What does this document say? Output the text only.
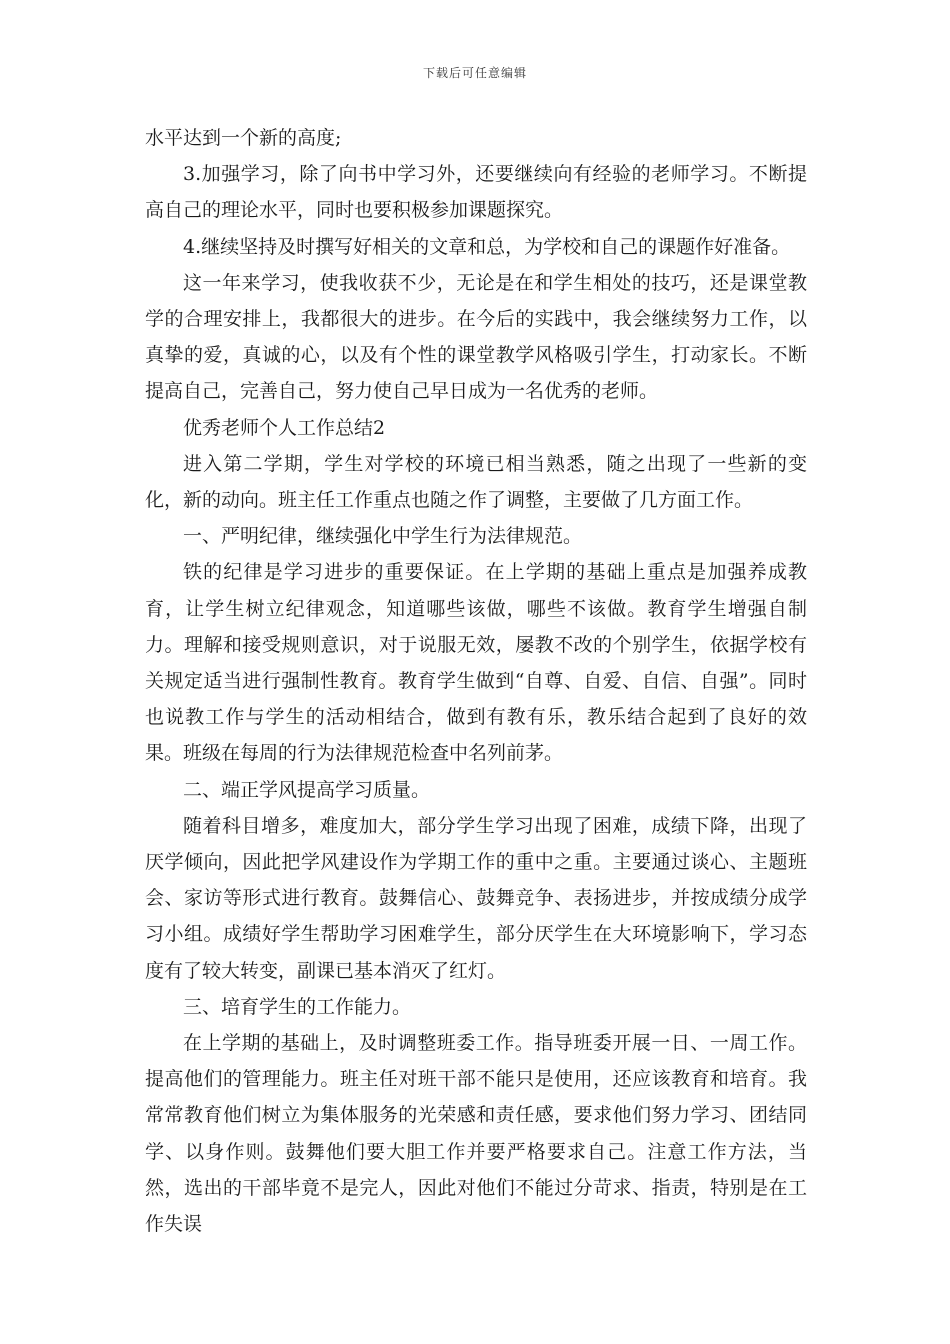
下载后可任意编辑

水平达到一个新的高度;

3.加强学习，除了向书中学习外，还要继续向有经验的老师学习。不断提高自己的理论水平，同时也要积极参加课题探究。

4.继续坚持及时撰写好相关的文章和总，为学校和自己的课题作好准备。

这一年来学习，使我收获不少，无论是在和学生相处的技巧，还是课堂教学的合理安排上，我都很大的进步。在今后的实践中，我会继续努力工作，以真挚的爱，真诚的心，以及有个性的课堂教学风格吸引学生，打动家长。不断提高自己，完善自己，努力使自己早日成为一名优秀的老师。

优秀老师个人工作总结2

进入第二学期，学生对学校的环境已相当熟悉，随之出现了一些新的变化，新的动向。班主任工作重点也随之作了调整，主要做了几方面工作。

一、严明纪律，继续强化中学生行为法律规范。

铁的纪律是学习进步的重要保证。在上学期的基础上重点是加强养成教育，让学生树立纪律观念，知道哪些该做，哪些不该做。教育学生增强自制力。理解和接受规则意识，对于说服无效，屡教不改的个别学生，依据学校有关规定适当进行强制性教育。教育学生做到“自尊、自爱、自信、自强”。同时也说教工作与学生的活动相结合，做到有教有乐，教乐结合起到了良好的效果。班级在每周的行为法律规范检查中名列前茅。

二、端正学风提高学习质量。

随着科目增多，难度加大，部分学生学习出现了困难，成绩下降，出现了厌学倾向，因此把学风建设作为学期工作的重中之重。主要通过谈心、主题班会、家访等形式进行教育。鼓舞信心、鼓舞竞争、表扬进步，并按成绩分成学习小组。成绩好学生帮助学习困难学生，部分厌学生在大环境影响下，学习态度有了较大转变，副课已基本消灭了红灯。

三、培育学生的工作能力。

在上学期的基础上，及时调整班委工作。指导班委开展一日、一周工作。提高他们的管理能力。班主任对班干部不能只是使用，还应该教育和培育。我常常教育他们树立为集体服务的光荣感和责任感，要求他们努力学习、团结同学、以身作则。鼓舞他们要大胆工作并要严格要求自己。注意工作方法，当然，选出的干部毕竟不是完人，因此对他们不能过分苛求、指责，特别是在工作失误
